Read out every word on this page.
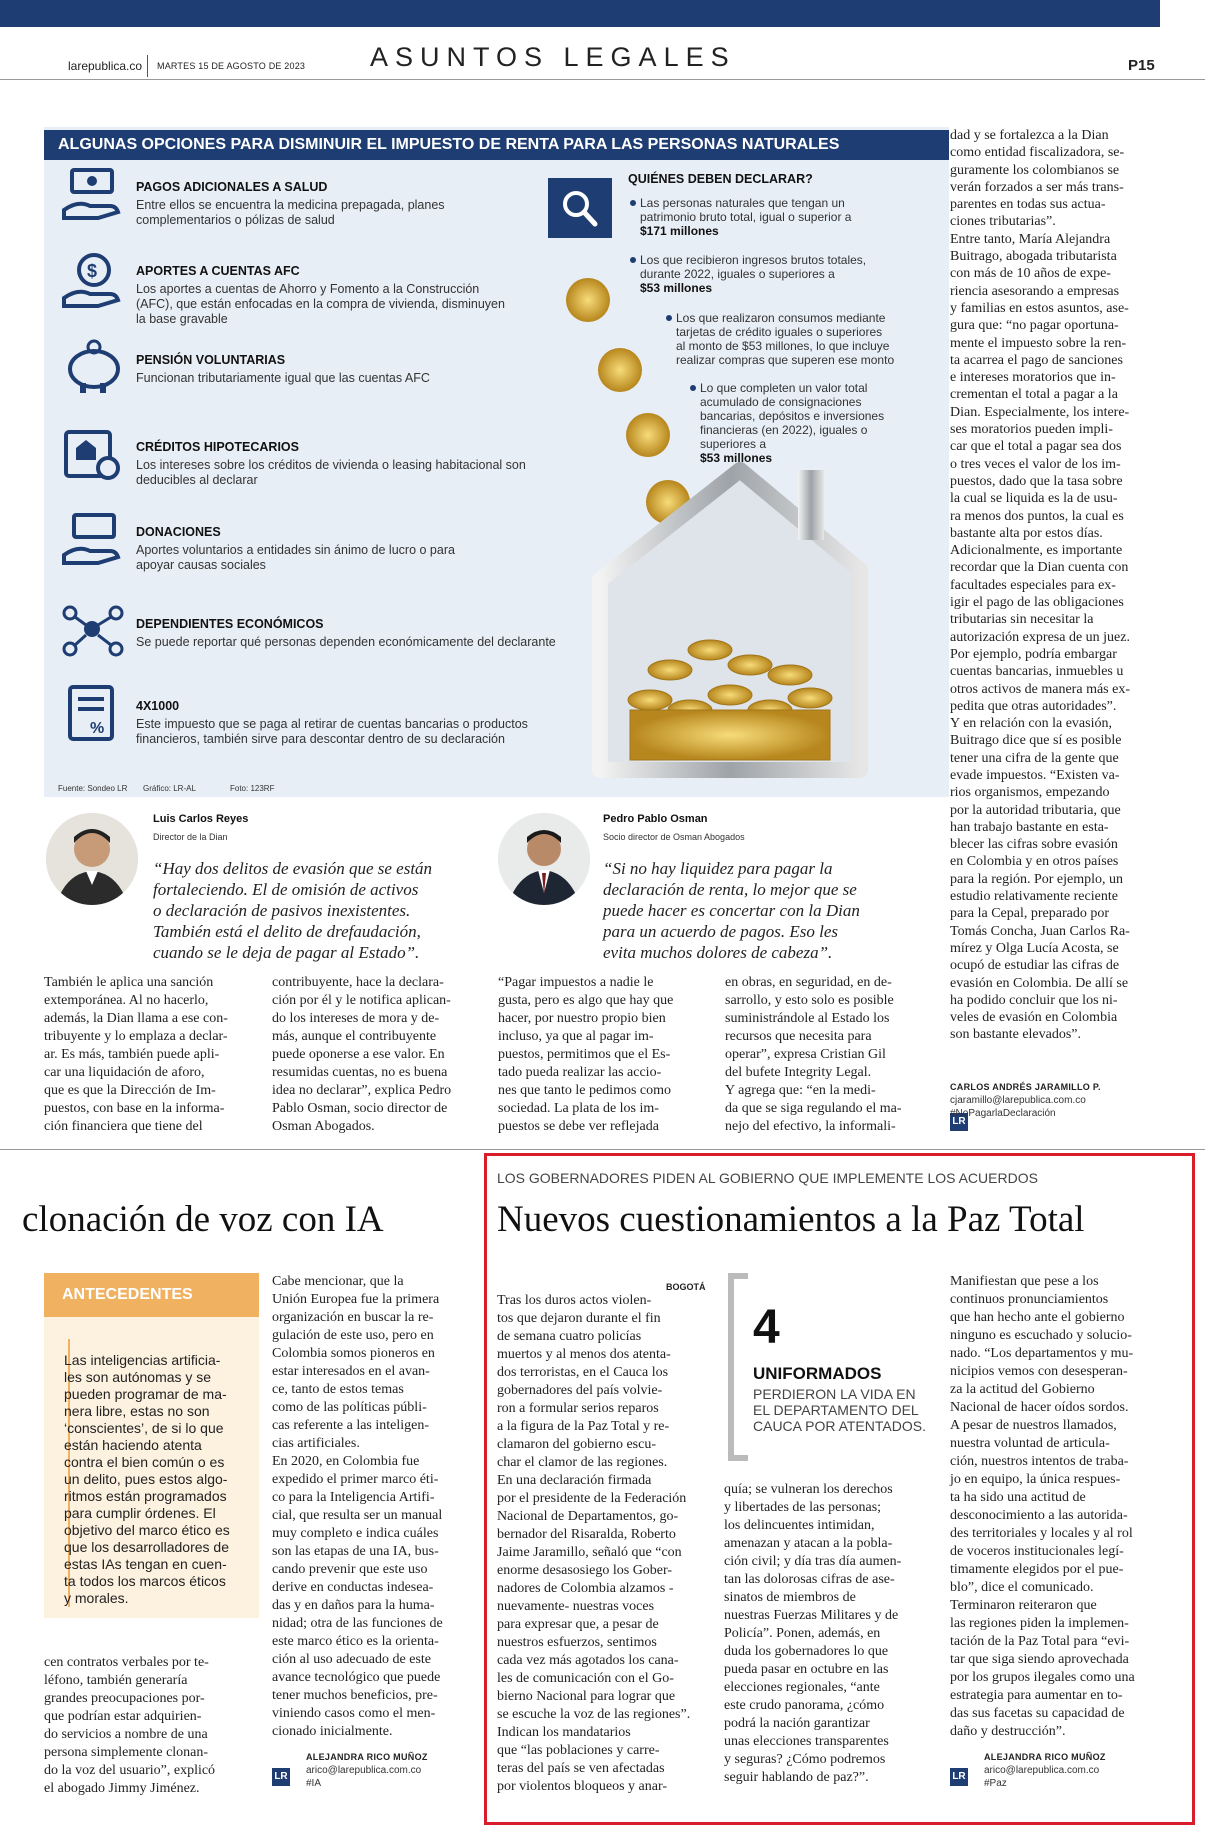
larepublica.co MARTES 15 DE AGOSTO DE 2023 ASUNTOS LEGALES	P15
ALGUNAS OPCIONES PARA DISMINUIR EL IMPUESTO DE RENTA PARA LAS PERSONAS NATURALES
PAGOS ADICIONALES A SALUD
Entre ellos se encuentra la medicina prepagada, planes
complementarios o pólizas de salud
$	APORTES A CUENTAS AFC
Los aportes a cuentas de Ahorro y Fomento a la Construcción
(AFC), que están enfocadas en la compra de vivienda, disminuyen
la base gravable
PENSIÓN VOLUNTARIAS
Funcionan tributariamente igual que las cuentas AFC
CRÉDITOS HIPOTECARIOS
Los intereses sobre los créditos de vivienda o leasing habitacional son
deducibles al declarar
DONACIONES
Aportes voluntarios a entidades sin ánimo de lucro o para
apoyar causas sociales
DEPENDIENTES ECONÓMICOS
Se puede reportar qué personas dependen económicamente del declarante
%
4X1000
Este impuesto que se paga al retirar de cuentas bancarias o productos
financieros, también sirve para descontar dentro de su declaración
QUIÉNES DEBEN DECLARAR?
Las personas naturales que tengan un
patrimonio bruto total, igual o superior a
$171 millones
Los que recibieron ingresos brutos totales,
durante 2022, iguales o superiores a
$53 millones
Los que realizaron consumos mediante
tarjetas de crédito iguales o superiores
al monto de $53 millones, lo que incluye
realizar compras que superen ese monto
Lo que completen un valor total
acumulado de consignaciones
bancarias, depósitos e inversiones
financieras (en 2022), iguales o
superiores a
$53 millones
Fuente: Sondeo LR Gráfico: LR-AL	Foto: 123RF
Luis Carlos Reyes
Director de la Dian
“Hay dos delitos de evasión que se están
fortaleciendo. El de omisión de activos
o declaración de pasivos inexistentes.
También está el delito de drefaudación,
cuando se le deja de pagar al Estado”.
Pedro Pablo Osman
Socio director de Osman Abogados
“Si no hay liquidez para pagar la
declaración de renta, lo mejor que se
puede hacer es concertar con la Dian
para un acuerdo de pagos. Eso les
evita muchos dolores de cabeza”.
También le aplica una sanción
extemporánea. Al no hacerlo,
además, la Dian llama a ese con-
tribuyente y lo emplaza a declar-
ar. Es más, también puede apli-
car una liquidación de aforo,
que es que la Dirección de Im-
puestos, con base en la informa-
ción financiera que tiene del
contribuyente, hace la declara-
ción por él y le notifica aplican-
do los intereses de mora y de-
más, aunque el contribuyente
puede oponerse a ese valor. En
resumidas cuentas, no es buena
idea no declarar”, explica Pedro
Pablo Osman, socio director de
Osman Abogados.
“Pagar impuestos a nadie le
gusta, pero es algo que hay que
hacer, por nuestro propio bien
incluso, ya que al pagar im-
puestos, permitimos que el Es-
tado pueda realizar las accio-
nes que tanto le pedimos como
sociedad. La plata de los im-
puestos se debe ver reflejada
en obras, en seguridad, en de-
sarrollo, y esto solo es posible
suministrándole al Estado los
recursos que necesita para
operar”, expresa Cristian Gil
del bufete Integrity Legal.
Y agrega que: “en la medi-
da que se siga regulando el ma-
nejo del efectivo, la informali-
dad y se fortalezca a la Dian
como entidad fiscalizadora, se-
guramente los colombianos se
verán forzados a ser más trans-
parentes en todas sus actua-
ciones tributarias”.
Entre tanto, María Alejandra
Buitrago, abogada tributarista
con más de 10 años de expe-
riencia asesorando a empresas
y familias en estos asuntos, ase-
gura que: “no pagar oportuna-
mente el impuesto sobre la ren-
ta acarrea el pago de sanciones
e intereses moratorios que in-
crementan el total a pagar a la
Dian. Especialmente, los intere-
ses moratorios pueden impli-
car que el total a pagar sea dos
o tres veces el valor de los im-
puestos, dado que la tasa sobre
la cual se liquida es la de usu-
ra menos dos puntos, la cual es
bastante alta por estos días.
Adicionalmente, es importante
recordar que la Dian cuenta con
facultades especiales para ex-
igir el pago de las obligaciones
tributarias sin necesitar la
autorización expresa de un juez.
Por ejemplo, podría embargar
cuentas bancarias, inmuebles u
otros activos de manera más ex-
pedita que otras autoridades”.
Y en relación con la evasión,
Buitrago dice que sí es posible
tener una cifra de la gente que
evade impuestos. “Existen va-
rios organismos, empezando
por la autoridad tributaria, que
han trabajo bastante en esta-
blecer las cifras sobre evasión
en Colombia y en otros países
para la región. Por ejemplo, un
estudio relativamente reciente
para la Cepal, preparado por
Tomás Concha, Juan Carlos Ra-
mírez y Olga Lucía Acosta, se
ocupó de estudiar las cifras de
evasión en Colombia. De allí se
ha podido concluir que los ni-
veles de evasión en Colombia
son bastante elevados”.
CARLOS ANDRÉS JARAMILLO P.
cjaramillo@larepublica.com.co
LR
#NoPagarlaDeclaración
clonación de voz con IA
ANTECEDENTES
Las inteligencias artificia-
les son autónomas y se
pueden programar de ma-
nera libre, estas no son
‘conscientes’, de si lo que
están haciendo atenta
contra el bien común o es
un delito, pues estos algo-
ritmos están programados
para cumplir órdenes. El
objetivo del marco ético es
que los desarrolladores de
estas IAs tengan en cuen-
ta todos los marcos éticos
y morales.
cen contratos verbales por te-
léfono, también generaría
grandes preocupaciones por-
que podrían estar adquirien-
do servicios a nombre de una
persona simplemente clonan-
do la voz del usuario”, explicó
el abogado Jimmy Jiménez.
Cabe mencionar, que la
Unión Europea fue la primera
organización en buscar la re-
gulación de este uso, pero en
Colombia somos pioneros en
estar interesados en el avan-
ce, tanto de estos temas
como de las políticas públi-
cas referente a las inteligen-
cias artificiales.
En 2020, en Colombia fue
expedido el primer marco éti-
co para la Inteligencia Artifi-
cial, que resulta ser un manual
muy completo e indica cuáles
son las etapas de una IA, bus-
cando prevenir que este uso
derive en conductas indesea-
das y en daños para la huma-
nidad; otra de las funciones de
este marco ético es la orienta-
ción al uso adecuado de este
avance tecnológico que puede
tener muchos beneficios, pre-
viniendo casos como el men-
cionado inicialmente.
ALEJANDRA RICO MUÑOZ
arico@larepublica.com.co
#IA
LR
LOS GOBERNADORES PIDEN AL GOBIERNO QUE IMPLEMENTE LOS ACUERDOS
Nuevos cuestionamientos a la Paz Total
BOGOTÁ
Tras los duros actos violen-
tos que dejaron durante el fin
de semana cuatro policías
muertos y al menos dos atenta-
dos terroristas, en el Cauca los
gobernadores del país volvie-
ron a formular serios reparos
a la figura de la Paz Total y re-
clamaron del gobierno escu-
char el clamor de las regiones.
En una declaración firmada
por el presidente de la Federación
Nacional de Departamentos, go-
bernador del Risaralda, Roberto
Jaime Jaramillo, señaló que “con
enorme desasosiego los Gober-
nadores de Colombia alzamos -
nuevamente- nuestras voces
para expresar que, a pesar de
nuestros esfuerzos, sentimos
cada vez más agotados los cana-
les de comunicación con el Go-
bierno Nacional para lograr que
se escuche la voz de las regiones”.
Indican los mandatarios
que “las poblaciones y carre-
teras del país se ven afectadas
por violentos bloqueos y anar-
4
UNIFORMADOS
PERDIERON LA VIDA EN
EL DEPARTAMENTO DEL
CAUCA POR ATENTADOS.
quía; se vulneran los derechos
y libertades de las personas;
los delincuentes intimidan,
amenazan y atacan a la pobla-
ción civil; y día tras día aumen-
tan las dolorosas cifras de ase-
sinatos de miembros de
nuestras Fuerzas Militares y de
Policía”. Ponen, además, en
duda los gobernadores lo que
pueda pasar en octubre en las
elecciones regionales, “ante
este crudo panorama, ¿cómo
podrá la nación garantizar
unas elecciones transparentes
y seguras? ¿Cómo podremos
seguir hablando de paz?”.
Manifiestan que pese a los
continuos pronunciamientos
que han hecho ante el gobierno
ninguno es escuchado y solucio-
nado. “Los departamentos y mu-
nicipios vemos con desesperan-
za la actitud del Gobierno
Nacional de hacer oídos sordos.
A pesar de nuestros llamados,
nuestra voluntad de articula-
ción, nuestros intentos de traba-
jo en equipo, la única respues-
ta ha sido una actitud de
desconocimiento a las autorida-
des territoriales y locales y al rol
de voceros institucionales legí-
timamente elegidos por el pue-
blo”, dice el comunicado.
Terminaron reiteraron que
las regiones piden la implemen-
tación de la Paz Total para “evi-
tar que siga siendo aprovechada
por los grupos ilegales como una
estrategia para aumentar en to-
das sus facetas su capacidad de
daño y destrucción”.
ALEJANDRA RICO MUÑOZ
arico@larepublica.com.co
#Paz
LR
